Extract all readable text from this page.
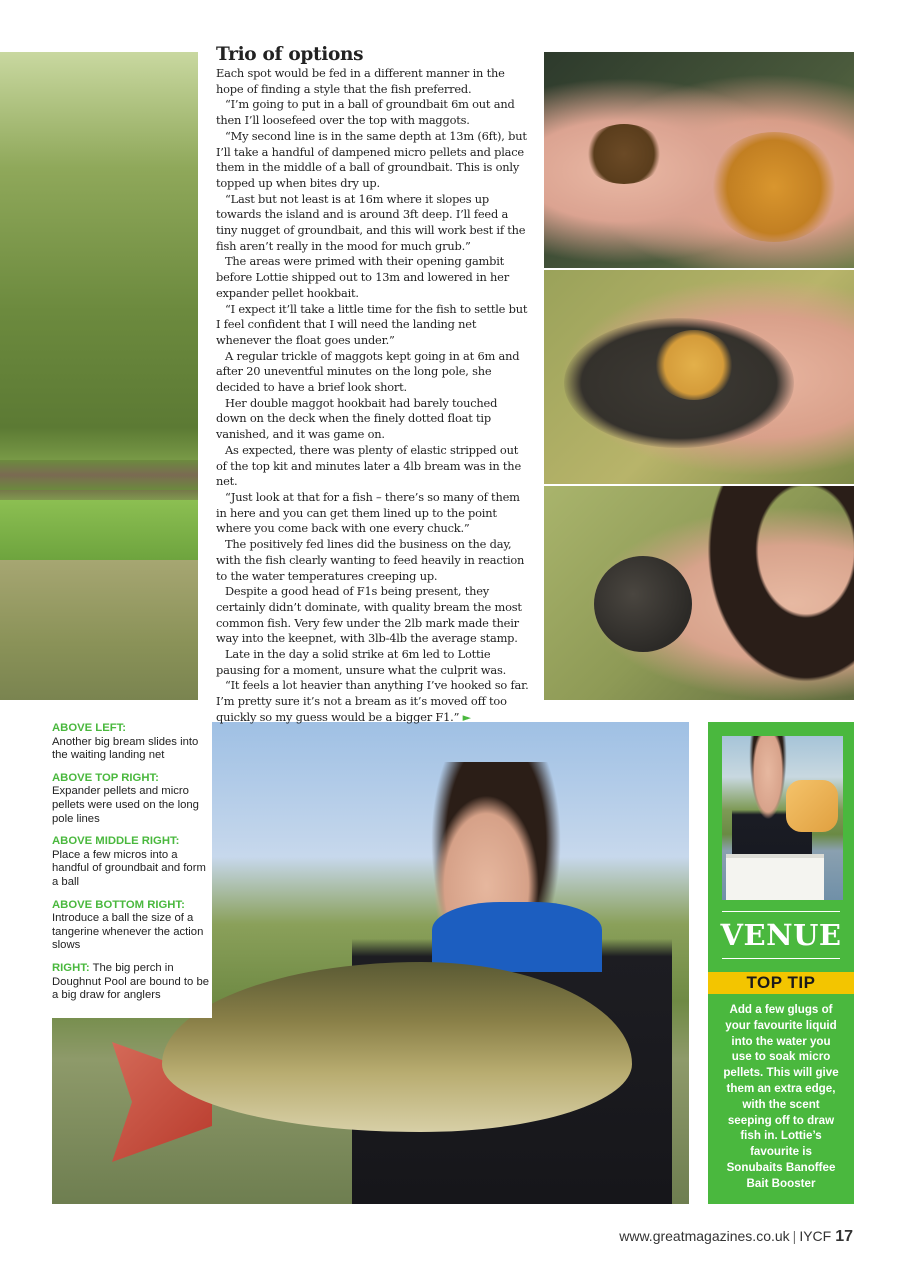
Trio of options

Each spot would be fed in a different manner in the hope of finding a style that the fish preferred.

“I’m going to put in a ball of groundbait 6m out and then I’ll loosefeed over the top with maggots.

“My second line is in the same depth at 13m (6ft), but I’ll take a handful of dampened micro pellets and place them in the middle of a ball of groundbait. This is only topped up when bites dry up.

“Last but not least is at 16m where it slopes up towards the island and is around 3ft deep. I’ll feed a tiny nugget of groundbait, and this will work best if the fish aren’t really in the mood for much grub.”

The areas were primed with their opening gambit before Lottie shipped out to 13m and lowered in her expander pellet hookbait.

“I expect it’ll take a little time for the fish to settle but I feel confident that I will need the landing net whenever the float goes under.”

A regular trickle of maggots kept going in at 6m and after 20 uneventful minutes on the long pole, she decided to have a brief look short.

Her double maggot hookbait had barely touched down on the deck when the finely dotted float tip vanished, and it was game on.

As expected, there was plenty of elastic stripped out of the top kit and minutes later a 4lb bream was in the net.

“Just look at that for a fish – there’s so many of them in here and you can get them lined up to the point where you come back with one every chuck.”

The positively fed lines did the business on the day, with the fish clearly wanting to feed heavily in reaction to the water temperatures creeping up.

Despite a good head of F1s being present, they certainly didn’t dominate, with quality bream the most common fish. Very few under the 2lb mark made their way into the keepnet, with 3lb-4lb the average stamp.

Late in the day a solid strike at 6m led to Lottie pausing for a moment, unsure what the culprit was.

“It feels a lot heavier than anything I’ve hooked so far. I’m pretty sure it’s not a bream as it’s moved off too quickly so my guess would be a bigger F1.” ►

ABOVE LEFT:
Another big bream slides into the waiting landing net
ABOVE TOP RIGHT:
Expander pellets and micro pellets were used on the long pole lines
ABOVE MIDDLE RIGHT:
Place a few micros into a handful of groundbait and form a ball
ABOVE BOTTOM RIGHT:
Introduce a ball the size of a tangerine whenever the action slows
RIGHT: The big perch in Doughnut Pool are bound to be a big draw for anglers
VENUE
TOP TIP
Add a few glugs of your favourite liquid into the water you use to soak micro pellets. This will give them an extra edge, with the scent seeping off to draw fish in. Lottie’s favourite is Sonubaits Banoffee Bait Booster
www.greatmagazines.co.uk | IYCF 17
